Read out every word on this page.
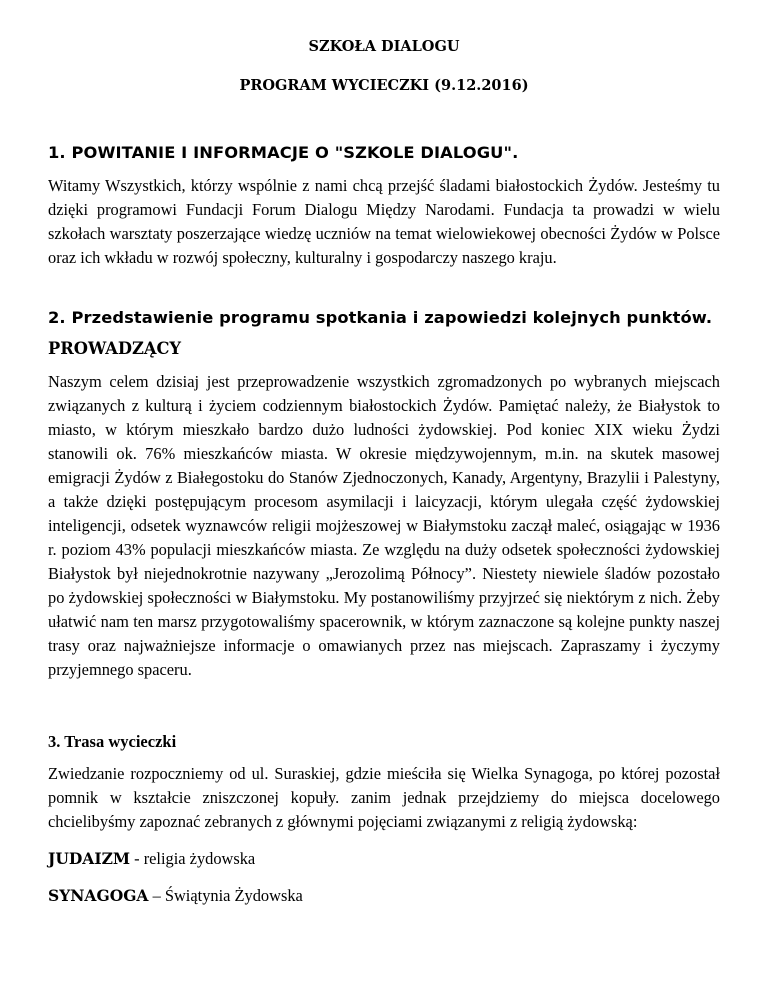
SZKOŁA DIALOGU

PROGRAM WYCIECZKI (9.12.2016)

1. POWITANIE I INFORMACJE O "SZKOLE DIALOGU".

Witamy Wszystkich, którzy wspólnie z nami chcą przejść śladami białostockich Żydów. Jesteśmy tu dzięki programowi Fundacji Forum Dialogu Między Narodami. Fundacja ta prowadzi w wielu szkołach warsztaty poszerzające wiedzę uczniów na temat wielowiekowej obecności Żydów w Polsce oraz ich wkładu w rozwój społeczny, kulturalny i gospodarczy naszego kraju.

2. Przedstawienie programu spotkania i zapowiedzi kolejnych punktów.

PROWADZĄCY

Naszym celem dzisiaj jest przeprowadzenie wszystkich zgromadzonych po wybranych miejscach związanych z kulturą i życiem codziennym białostockich Żydów. Pamiętać należy, że Białystok to miasto, w którym mieszkało bardzo dużo ludności żydowskiej. Pod koniec XIX wieku Żydzi stanowili ok. 76% mieszkańców miasta. W okresie międzywojennym, m.in. na skutek masowej emigracji Żydów z Białegostoku do Stanów Zjednoczonych, Kanady, Argentyny, Brazylii i Palestyny, a także dzięki postępującym procesom asymilacji i laicyzacji, którym ulegała część żydowskiej inteligencji, odsetek wyznawców religii mojżeszowej w Białymstoku zaczął maleć, osiągając w 1936 r. poziom 43% populacji mieszkańców miasta. Ze względu na duży odsetek społeczności żydowskiej Białystok był niejednokrotnie nazywany „Jerozolimą Północy”. Niestety niewiele śladów pozostało po żydowskiej społeczności w Białymstoku. My postanowiliśmy przyjrzeć się niektórym z nich. Żeby ułatwić nam ten marsz przygotowaliśmy spacerownik, w którym zaznaczone są kolejne punkty naszej trasy oraz najważniejsze informacje o omawianych przez nas miejscach. Zapraszamy i życzymy przyjemnego spaceru.

3. Trasa wycieczki

Zwiedzanie rozpoczniemy od ul. Suraskiej, gdzie mieściła się Wielka Synagoga, po której pozostał pomnik w kształcie zniszczonej kopuły. zanim jednak przejdziemy do miejsca docelowego chcielibyśmy zapoznać zebranych z głównymi pojęciami związanymi z religią żydowską:

JUDAIZM - religia żydowska

SYNAGOGA – Świątynia Żydowska
